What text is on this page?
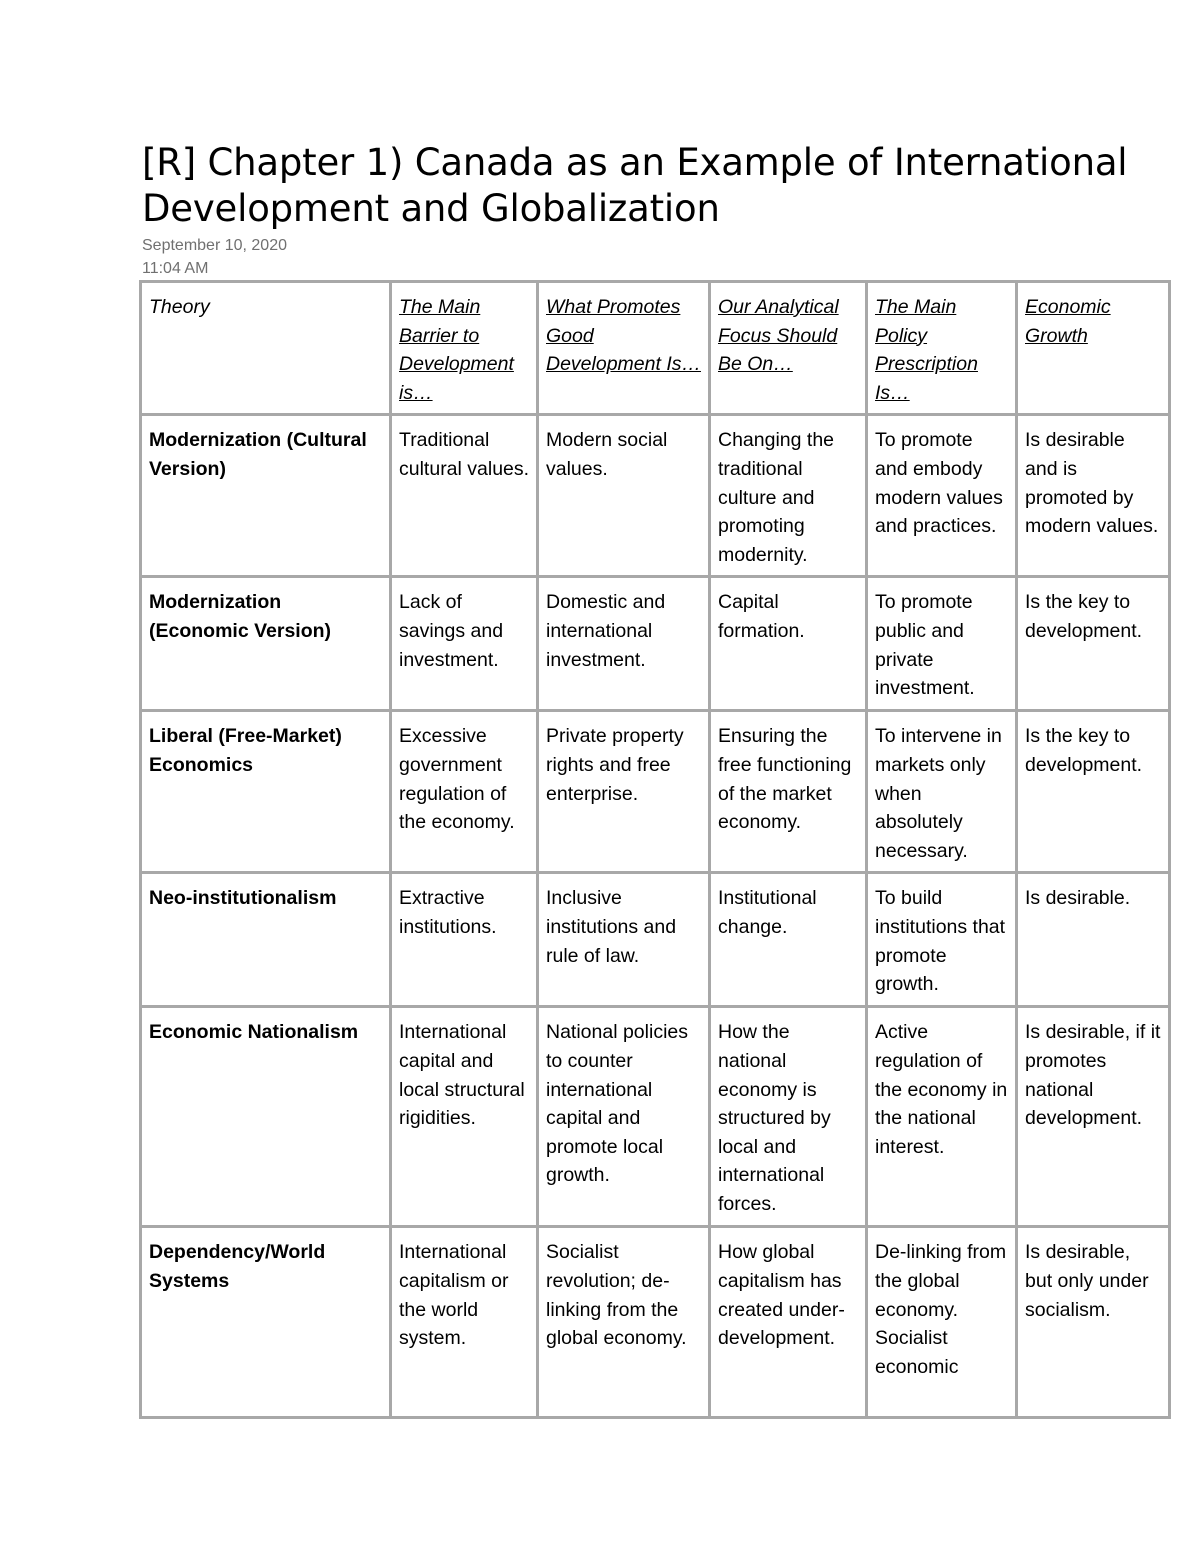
[R] Chapter 1) Canada as an Example of International Development and Globalization
September 10, 2020
11:04 AM
Theory	The Main Barrier to Development is…	What Promotes Good Development Is…	Our Analytical Focus Should Be On…	The Main Policy Prescription Is…	Economic Growth
Modernization (Cultural Version)	Traditional cultural values.	Modern social values.	Changing the traditional culture and promoting modernity.	To promote and embody modern values and practices.	Is desirable and is promoted by modern values.
Modernization (Economic Version)	Lack of savings and investment.	Domestic and international investment.	Capital formation.	To promote public and private investment.	Is the key to development.
Liberal (Free-Market) Economics	Excessive government regulation of the economy.	Private property rights and free enterprise.	Ensuring the free functioning of the market economy.	To intervene in markets only when absolutely necessary.	Is the key to development.
Neo-institutionalism	Extractive institutions.	Inclusive institutions and rule of law.	Institutional change.	To build institutions that promote growth.	Is desirable.
Economic Nationalism	International capital and local structural rigidities.	National policies to counter international capital and promote local growth.	How the national economy is structured by local and international forces.	Active regulation of the economy in the national interest.	Is desirable, if it promotes national development.
Dependency/World Systems	International capitalism or the world system.	Socialist revolution; de-linking from the global economy.	How global capitalism has created under-development.	De-linking from the global economy. Socialist economic	Is desirable, but only under socialism.
